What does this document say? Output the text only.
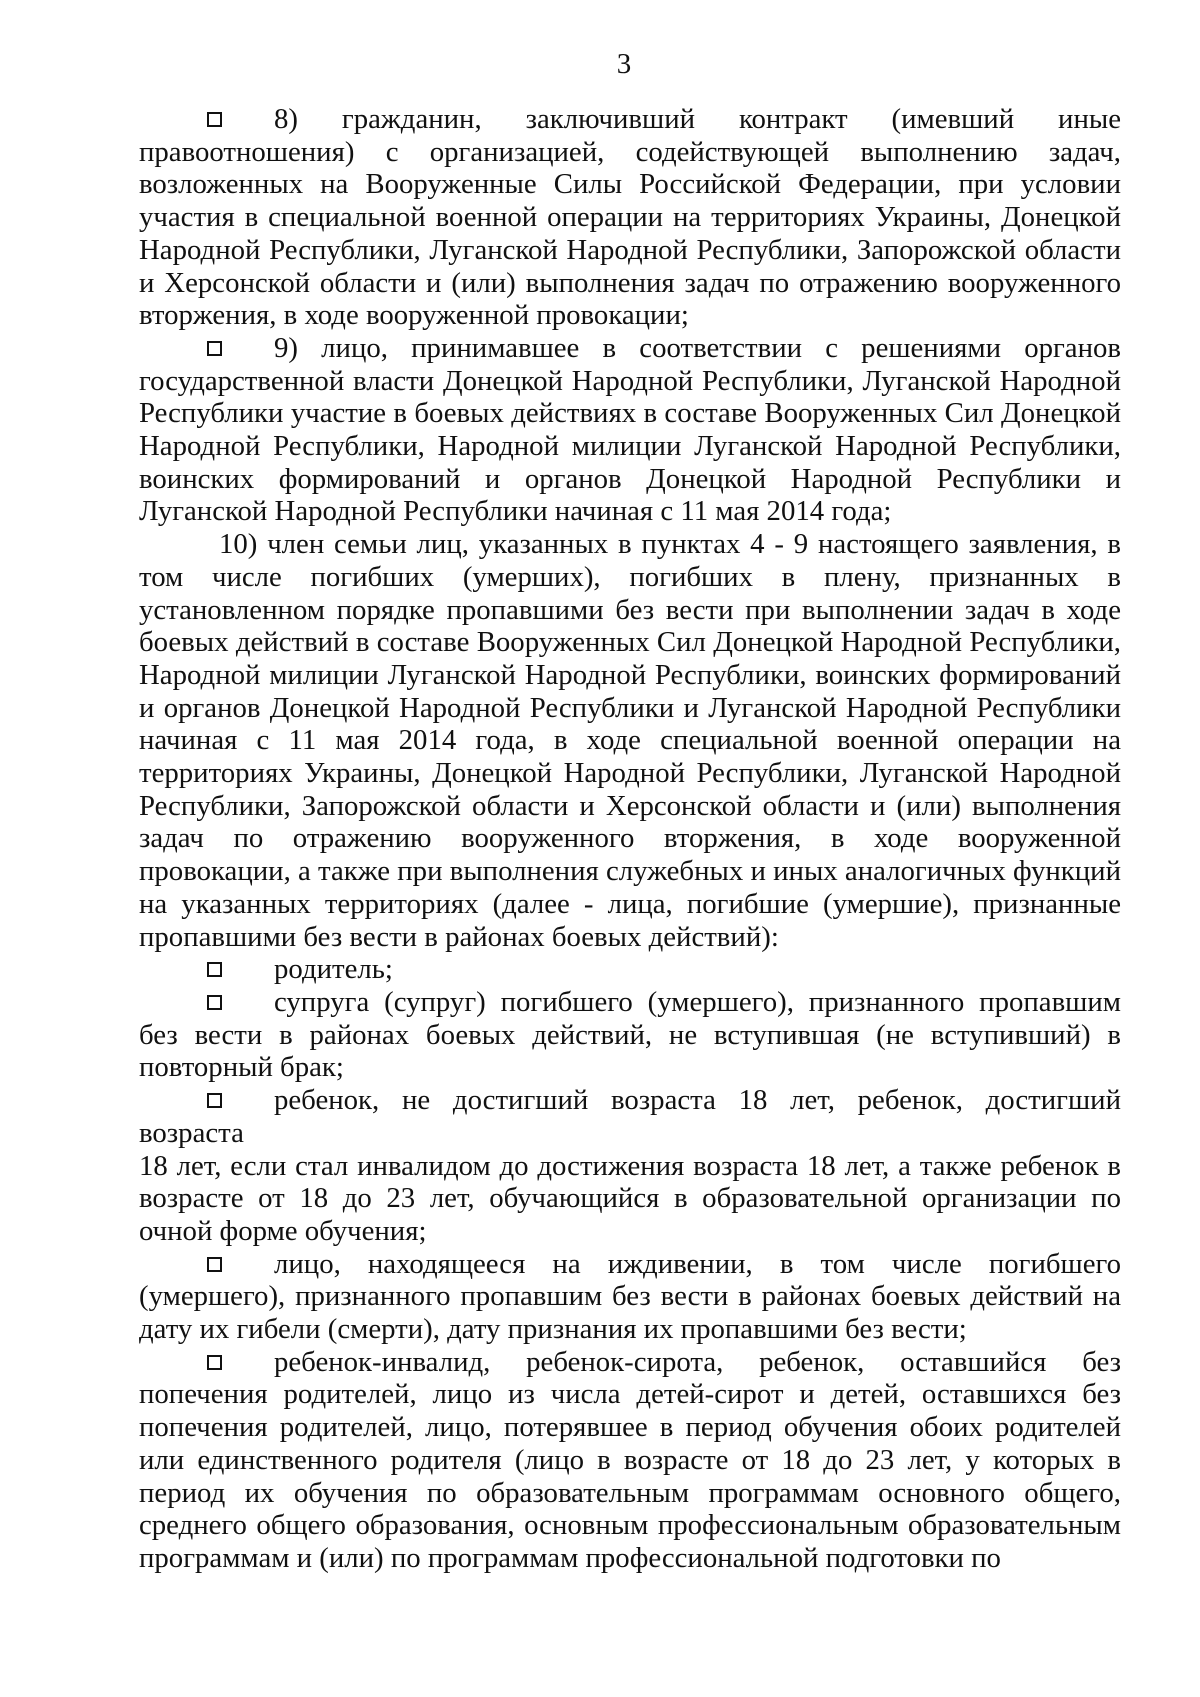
3

8) гражданин, заключивший контракт (имевший иные правоотношения) с организацией, содействующей выполнению задач, возложенных на Вооруженные Силы Российской Федерации, при условии участия в специальной военной операции на территориях Украины, Донецкой Народной Республики, Луганской Народной Республики, Запорожской области и Херсонской области и (или) выполнения задач по отражению вооруженного вторжения, в ходе вооруженной провокации;

9) лицо, принимавшее в соответствии с решениями органов государственной власти Донецкой Народной Республики, Луганской Народной Республики участие в боевых действиях в составе Вооруженных Сил Донецкой Народной Республики, Народной милиции Луганской Народной Республики, воинских формирований и органов Донецкой Народной Республики и Луганской Народной Республики начиная с 11 мая 2014 года;

10) член семьи лиц, указанных в пунктах 4 - 9 настоящего заявления, в том числе погибших (умерших), погибших в плену, признанных в установленном порядке пропавшими без вести при выполнении задач в ходе боевых действий в составе Вооруженных Сил Донецкой Народной Республики, Народной милиции Луганской Народной Республики, воинских формирований и органов Донецкой Народной Республики и Луганской Народной Республики начиная с 11 мая 2014 года, в ходе специальной военной операции на территориях Украины, Донецкой Народной Республики, Луганской Народной Республики, Запорожской области и Херсонской области и (или) выполнения задач по отражению вооруженного вторжения, в ходе вооруженной провокации, а также при выполнения служебных и иных аналогичных функций на указанных территориях (далее - лица, погибшие (умершие), признанные пропавшими без вести в районах боевых действий):

родитель;

супруга (супруг) погибшего (умершего), признанного пропавшим без вести в районах боевых действий, не вступившая (не вступивший) в повторный брак;

ребенок, не достигший возраста 18 лет, ребенок, достигший возраста

18 лет, если стал инвалидом до достижения возраста 18 лет, а также ребенок в возрасте от 18 до 23 лет, обучающийся в образовательной организации по очной форме обучения;

лицо, находящееся на иждивении, в том числе погибшего (умершего), признанного пропавшим без вести в районах боевых действий на дату их гибели (смерти), дату признания их пропавшими без вести;

ребенок-инвалид, ребенок-сирота, ребенок, оставшийся без попечения родителей, лицо из числа детей-сирот и детей, оставшихся без попечения родителей, лицо, потерявшее в период обучения обоих родителей или единственного родителя (лицо в возрасте от 18 до 23 лет, у которых в период их обучения по образовательным программам основного общего, среднего общего образования, основным профессиональным образовательным программам и (или) по программам профессиональной подготовки по
